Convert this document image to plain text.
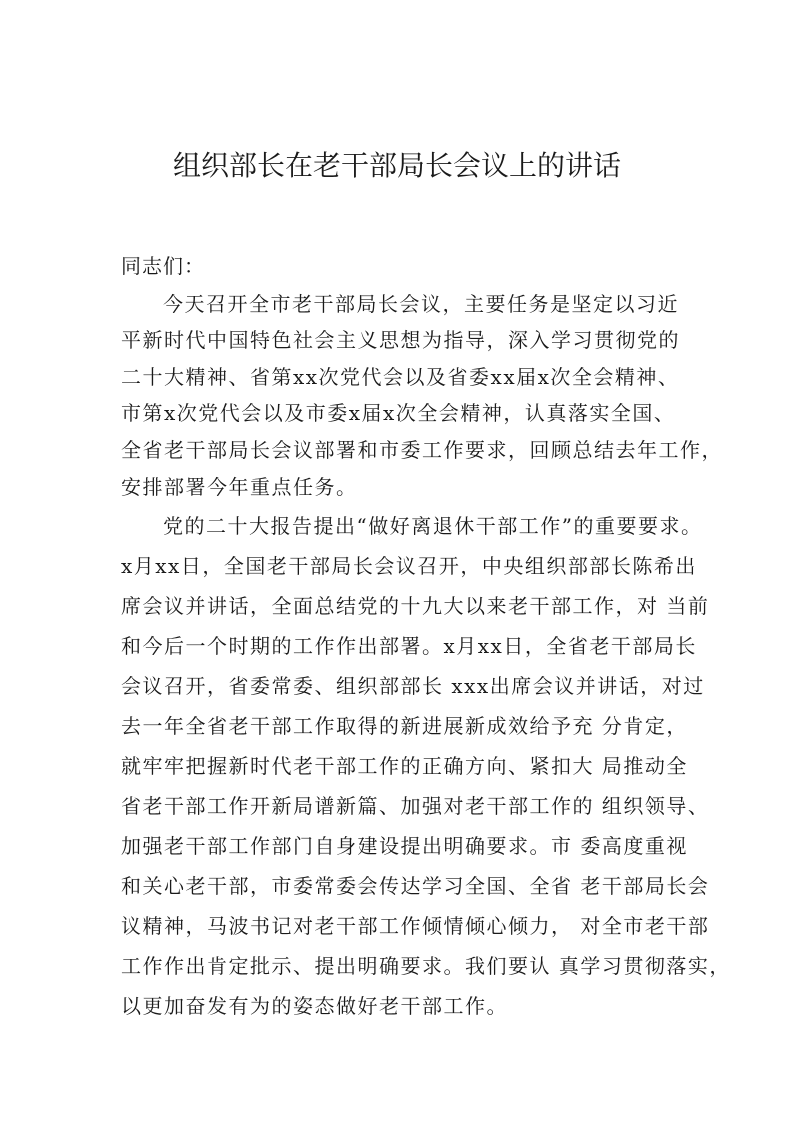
组织部长在老干部局长会议上的讲话
同志们：
今天召开全市老干部局长会议，主要任务是坚定以习近
平新时代中国特色社会主义思想为指导，深入学习贯彻党的
二十大精神、省第xx次党代会以及省委xx届x次全会精神、
市第x次党代会以及市委x届x次全会精神，认真落实全国、
全省老干部局长会议部署和市委工作要求，回顾总结去年工作，
安排部署今年重点任务。
党的二十大报告提出“做好离退休干部工作”的重要要求。
x月xx日，全国老干部局长会议召开，中央组织部部长陈希出
席会议并讲话，全面总结党的十九大以来老干部工作，对 当前
和今后一个时期的工作作出部署。x月xx日，全省老干部局长
会议召开，省委常委、组织部部长 xxx出席会议并讲话，对过
去一年全省老干部工作取得的新进展新成效给予充 分肯定，
就牢牢把握新时代老干部工作的正确方向、紧扣大 局推动全
省老干部工作开新局谱新篇、加强对老干部工作的 组织领导、
加强老干部工作部门自身建设提出明确要求。市 委高度重视
和关心老干部，市委常委会传达学习全国、全省 老干部局长会
议精神，马波书记对老干部工作倾情倾心倾力， 对全市老干部
工作作出肯定批示、提出明确要求。我们要认 真学习贯彻落实，
以更加奋发有为的姿态做好老干部工作。
